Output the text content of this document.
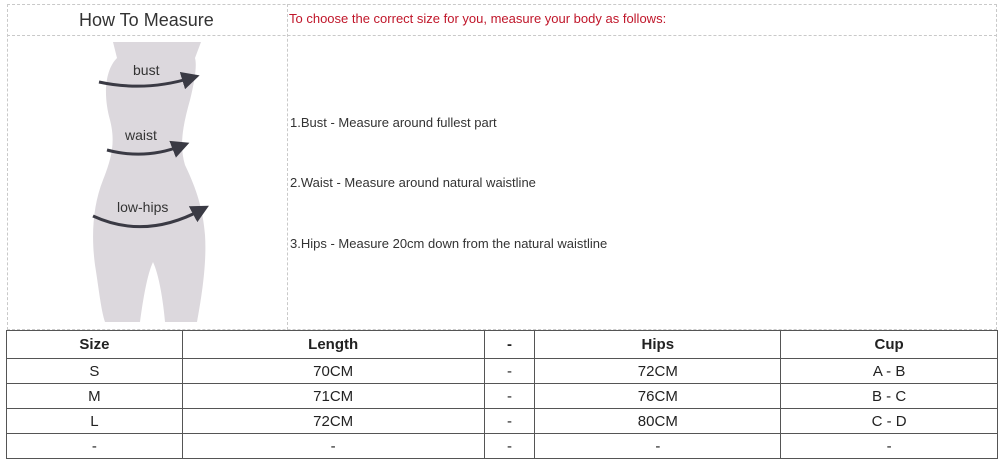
How To Measure	To choose the correct size for you, measure your body as follows:
1.Bust - Measure around fullest part
2.Waist - Measure around natural waistline
3.Hips - Measure 20cm down from the natural waistline
bust
waist
low-hips
Size	Length	-	Hips	Cup
S	70CM	-	72CM	A - B
M	71CM	-	76CM	B - C
L	72CM	-	80CM	C - D
-	-	-	-	-
